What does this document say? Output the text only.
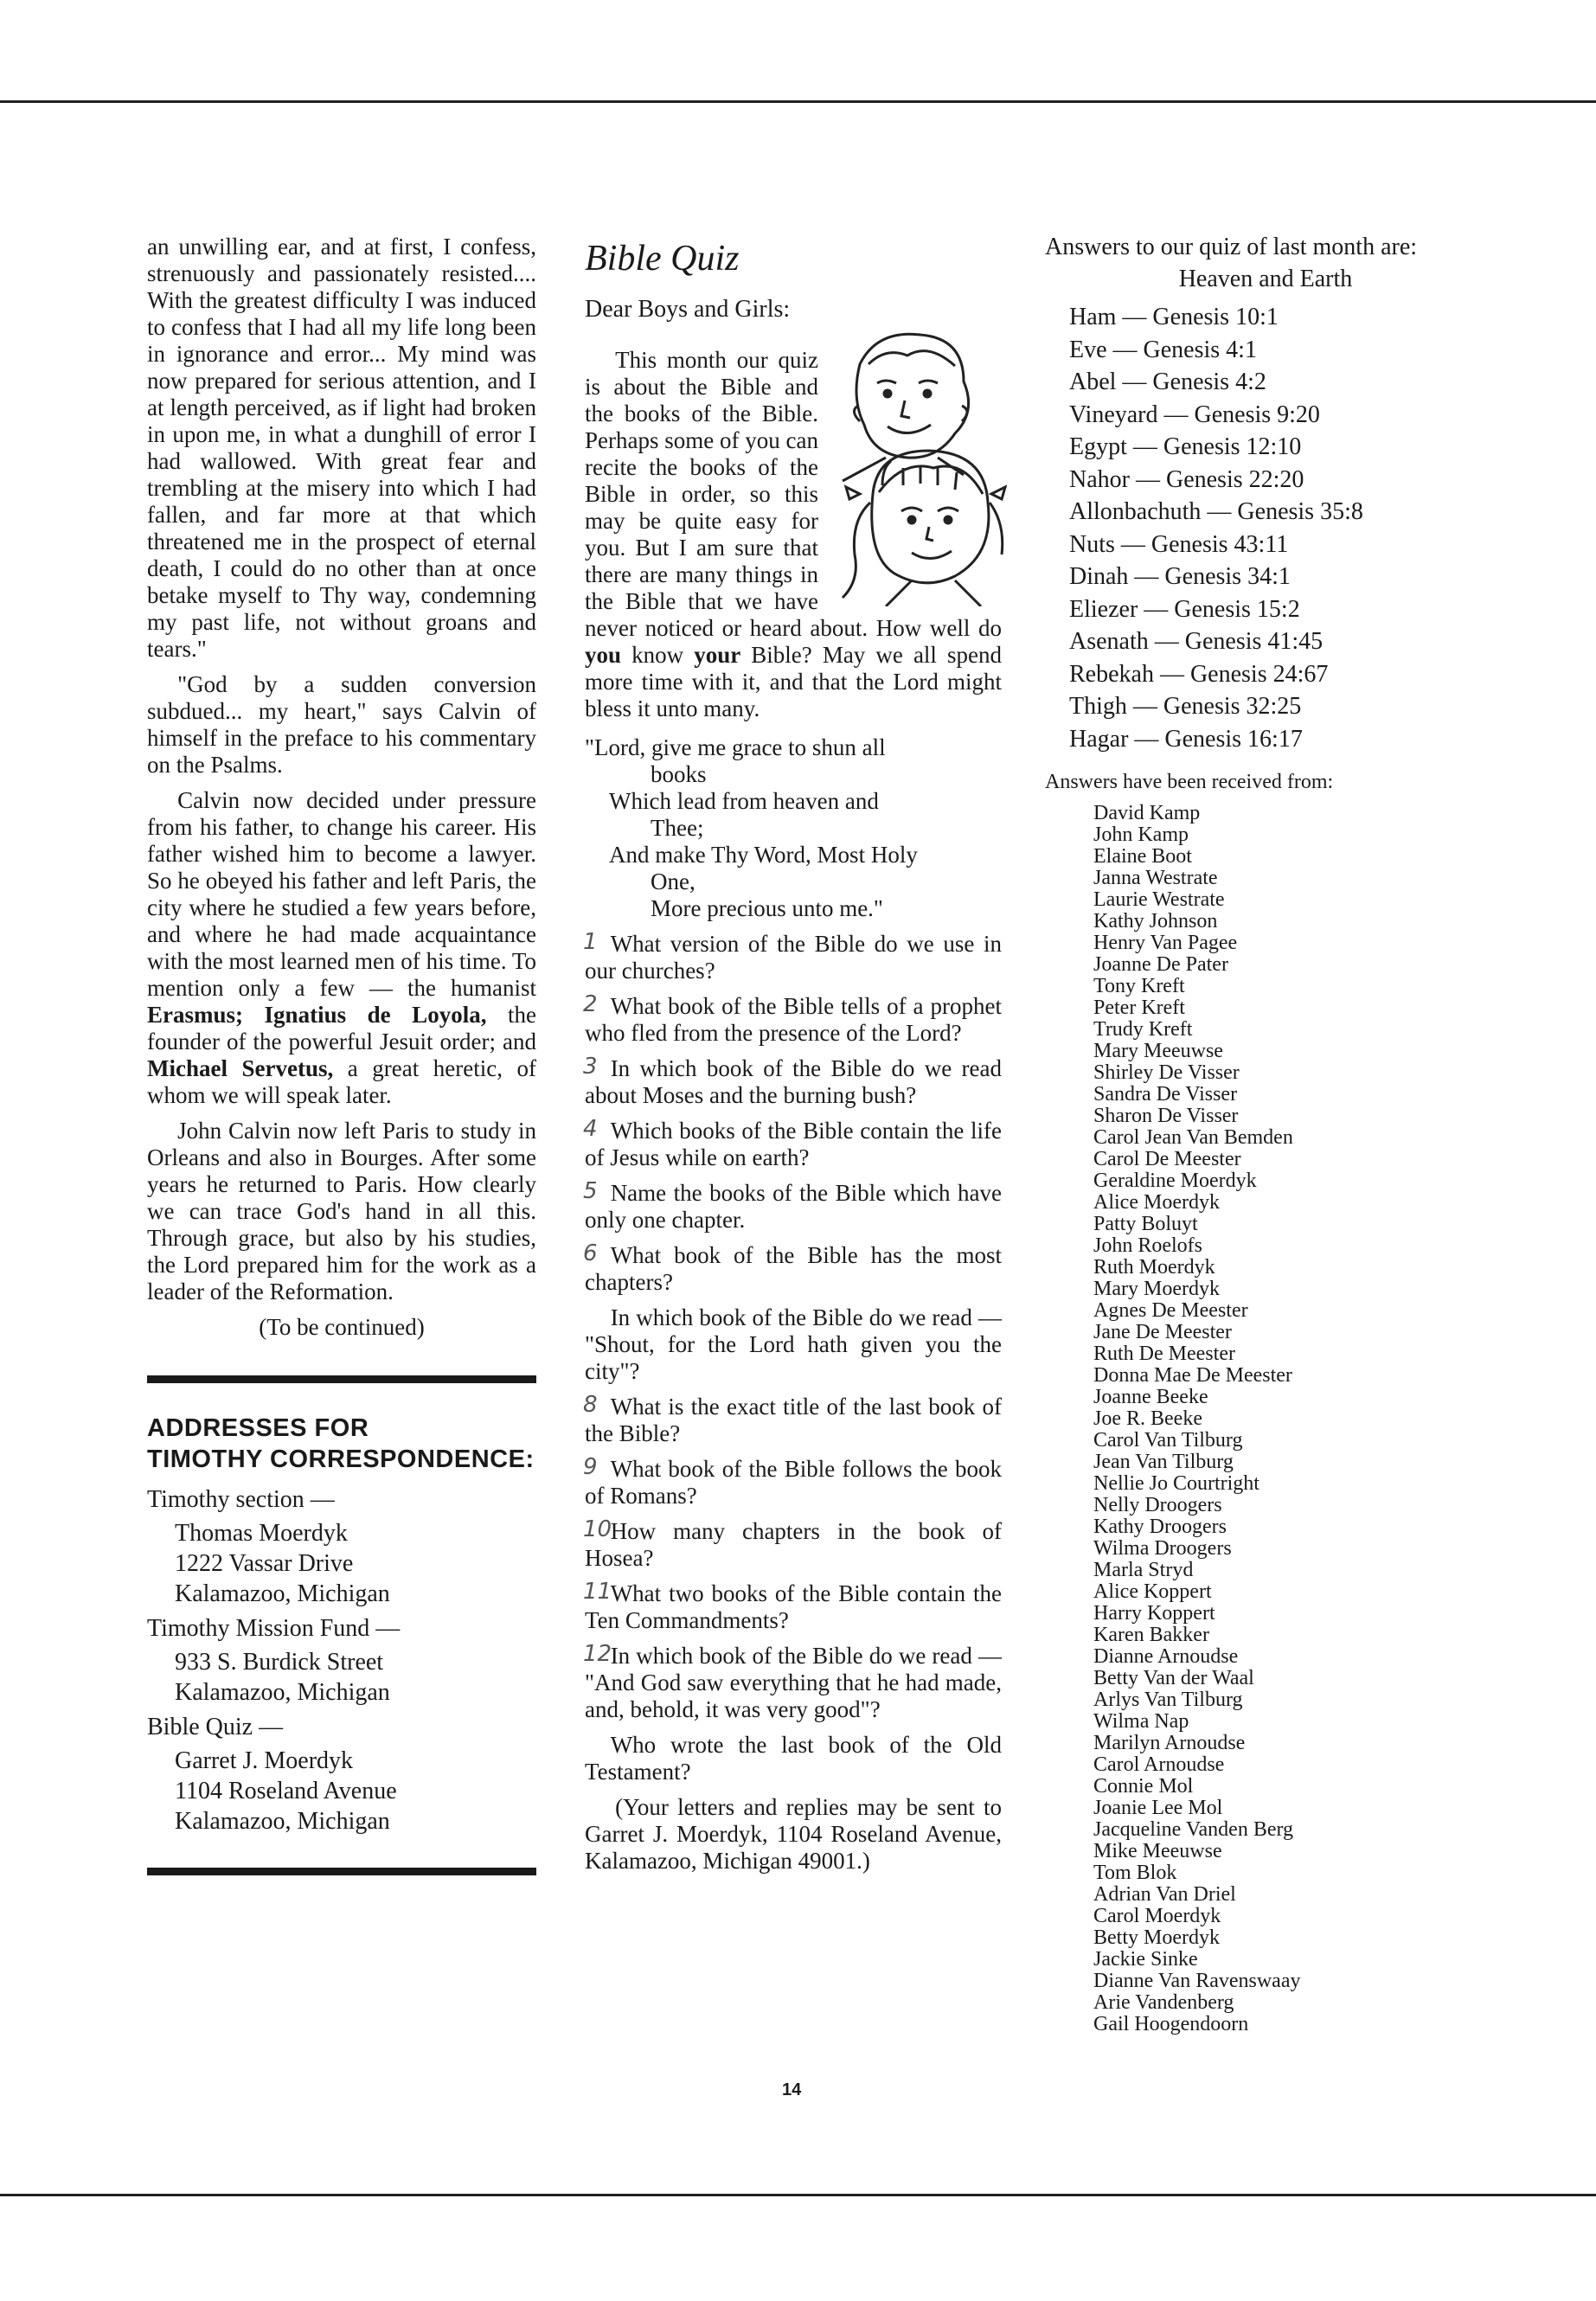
an unwilling ear, and at first, I confess, strenuously and passionately resisted.... With the greatest difficulty I was induced to confess that I had all my life long been in ignorance and error... My mind was now prepared for serious attention, and I at length perceived, as if light had broken in upon me, in what a dunghill of error I had wallowed. With great fear and trembling at the misery into which I had fallen, and far more at that which threatened me in the prospect of eternal death, I could do no other than at once betake myself to Thy way, condemning my past life, not without groans and tears."

"God by a sudden conversion subdued... my heart," says Calvin of himself in the preface to his commentary on the Psalms.

Calvin now decided under pressure from his father, to change his career. His father wished him to become a lawyer. So he obeyed his father and left Paris, the city where he studied a few years before, and where he had made acquaintance with the most learned men of his time. To mention only a few — the humanist Erasmus; Ignatius de Loyola, the founder of the powerful Jesuit order; and Michael Servetus, a great heretic, of whom we will speak later.

John Calvin now left Paris to study in Orleans and also in Bourges. After some years he returned to Paris. How clearly we can trace God's hand in all this. Through grace, but also by his studies, the Lord prepared him for the work as a leader of the Reformation.

(To be continued)

ADDRESSES FOR
TIMOTHY CORRESPONDENCE:
Timothy section —
Thomas Moerdyk
1222 Vassar Drive
Kalamazoo, Michigan
Timothy Mission Fund —
933 S. Burdick Street
Kalamazoo, Michigan
Bible Quiz —
Garret J. Moerdyk
1104 Roseland Avenue
Kalamazoo, Michigan
Bible Quiz

Dear Boys and Girls:

This month our quiz is about the Bible and the books of the Bible. Perhaps some of you can recite the books of the Bible in order, so this may be quite easy for you. But I am sure that there are many things in the Bible that we have never noticed or heard about. How well do you know your Bible? May we all spend more time with it, and that the Lord might bless it unto many.

"Lord, give me grace to shun all
books
Which lead from heaven and
Thee;
And make Thy Word, Most Holy
One,
More precious unto me."
1 What version of the Bible do we use in our churches?
2 What book of the Bible tells of a prophet who fled from the presence of the Lord?
3 In which book of the Bible do we read about Moses and the burning bush?
4 Which books of the Bible contain the life of Jesus while on earth?
5 Name the books of the Bible which have only one chapter.
6 What book of the Bible has the most chapters?
In which book of the Bible do we read — "Shout, for the Lord hath given you the city"?
8 What is the exact title of the last book of the Bible?
9 What book of the Bible follows the book of Romans?
10
How many chapters in the book of Hosea?
11
What two books of the Bible contain the Ten Commandments?
12
In which book of the Bible do we read — "And God saw everything that he had made, and, behold, it was very good"?
Who wrote the last book of the Old Testament?

(Your letters and replies may be sent to Garret J. Moerdyk, 1104 Roseland Avenue, Kalamazoo, Michigan 49001.)

14
Answers to our quiz of last month are:
Heaven and Earth
Ham — Genesis 10:1
Eve — Genesis 4:1
Abel — Genesis 4:2
Vineyard — Genesis 9:20
Egypt — Genesis 12:10
Nahor — Genesis 22:20
Allonbachuth — Genesis 35:8
Nuts — Genesis 43:11
Dinah — Genesis 34:1
Eliezer — Genesis 15:2
Asenath — Genesis 41:45
Rebekah — Genesis 24:67
Thigh — Genesis 32:25
Hagar — Genesis 16:17
Answers have been received from:
David Kamp
John Kamp
Elaine Boot
Janna Westrate
Laurie Westrate
Kathy Johnson
Henry Van Pagee
Joanne De Pater
Tony Kreft
Peter Kreft
Trudy Kreft
Mary Meeuwse
Shirley De Visser
Sandra De Visser
Sharon De Visser
Carol Jean Van Bemden
Carol De Meester
Geraldine Moerdyk
Alice Moerdyk
Patty Boluyt
John Roelofs
Ruth Moerdyk
Mary Moerdyk
Agnes De Meester
Jane De Meester
Ruth De Meester
Donna Mae De Meester
Joanne Beeke
Joe R. Beeke
Carol Van Tilburg
Jean Van Tilburg
Nellie Jo Courtright
Nelly Droogers
Kathy Droogers
Wilma Droogers
Marla Stryd
Alice Koppert
Harry Koppert
Karen Bakker
Dianne Arnoudse
Betty Van der Waal
Arlys Van Tilburg
Wilma Nap
Marilyn Arnoudse
Carol Arnoudse
Connie Mol
Joanie Lee Mol
Jacqueline Vanden Berg
Mike Meeuwse
Tom Blok
Adrian Van Driel
Carol Moerdyk
Betty Moerdyk
Jackie Sinke
Dianne Van Ravenswaay
Arie Vandenberg
Gail Hoogendoorn
